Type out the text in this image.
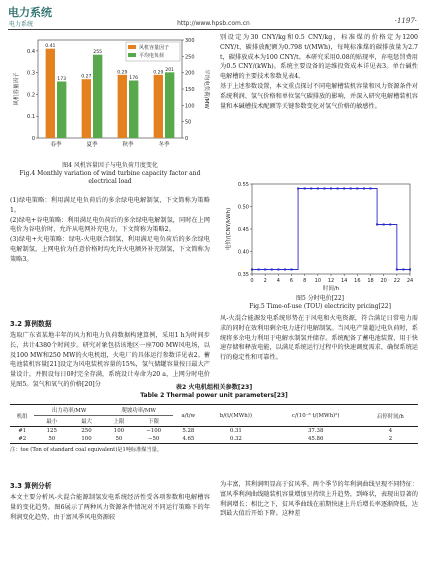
电力系统
电力系统	http://www.hpsb.com.cn	·1197·
0
0.1
0.2
0.3
0.4
0
50
100
150
200
250
300
风机容量因子	平均电负荷/MW
0.41
173
春季
0.27
255
夏季
0.29
176
秋季
0.29
201
冬季
风机容量因子
平均电负荷
图4 风机容量因子与电负荷月度变化
Fig.4 Monthly variation of wind turbine capacity factor and electrical load

(1)绿电策略：利用满足电负荷后的多余绿电电解制氢，下文简称为策略1。

(2)绿电+谷电策略：利用满足电负荷后的多余绿电电解制氢，同时在上网电价为谷电价时，允许从电网补充电力，下文简称为策略2。

(3)绿电+火电策略：绿电-火电联合制氢，利用满足电负荷后的多余绿电电解制氢，上网电价为任意价格时均允许火电额外补充制氢，下文简称为策略3。

3.2 算例数据

选取广东省某地丰年的风力和电力负荷数据构建算例，采用1 h为时间步长，共计4380个时间步。研究对象包括该地区一座700 MW风电场，以及100 MW和250 MW的火电机组，火电厂的具体运行参数详见表2。蓄电池装机容量[21]设定为风电装机容量的15%，氢气储罐容量按日最大产量设计，并假设每日0时完全存满，系统设计寿命为20 a，上网分时电价见图5。氢气和氧气的价格[20]分

别设定为30 CNY/kg和0.5 CNY/kg，标准煤的价格定为1200 CNY/t，碳排放配额为0.798 t/(MWh)，每吨标准煤的碳排放量为2.7 t，碳排放成本为100 CNY/t。本研究采用0.08的贴现率，弃电惩罚费用为0.5 CNY/(kWh)。系统主要设备的运维投资成本详见表3。单台碱性电解槽的主要技术参数见表4。

基于上述参数设置，本文重点探讨不同电解槽装机容量和风力资源条件对系统利润、氢气价格和单位氢气碳排放的影响，并深入研究电解槽装机容量和本碱槽技术配额等关键参数变化对氢气价格的敏感性。

0.35
0.40
0.45
0.50
0.55
0 2 4 6 8 10 12 14 16 18 20 22 24
时间/h
电价/(CNY/kWh)
图5 分时电价[22]
Fig.5 Time-of-use (TOU) electricity pricing[22]

风-火混合能源发电系统形势在于风电和火电资源，符合满足日常电力需求的同时在效利用剩余电力进行电解制氢。当风电产量超过电负荷时，系统将多余电力利用于电解水制氢并储存。系统配备了蓄电池装置，用于快速存储和释放电能，以满足系统运行过程中的快速调度需求，确保系统运行的稳定性和可靠性。

表2 火电机组相关参数[23]
Table 2 Thermal power unit parameters[23]
机组	出力功率/MW		爬坡功率/MW		a/t/w	b/(t/(MWh))	c/(10⁻⁶ t/(MWh)²)	启停时间/h
	最小	最大	上限	下限				
#1	125	250	100	−100	5.28	0.31	37.38	4
#2	50	100	50	−50	4.65	0.32	45.86	2
注：toe (Ton of standard coal equivalent)是1吨标准煤当量。
3.3 算例分析

本文主要分析风-火混合能源制氢发电系统经济性受各项参数和电解槽容量的变化趋势。图6展示了两种风力资源条件情况对不同运行策略下的年利润变化趋势，由于富风季风电资源较

为丰富，其利润明显高于贫风季。两个季节的年利润曲线呈现不同特征：富风季利润曲线随装机容量增加呈持续上升趋势，到峰状，表现出显著的利润增长；相比之下，贫风季曲线在前期快速上升后增长率逐渐降低，达到最大值后开始下降。这种差
